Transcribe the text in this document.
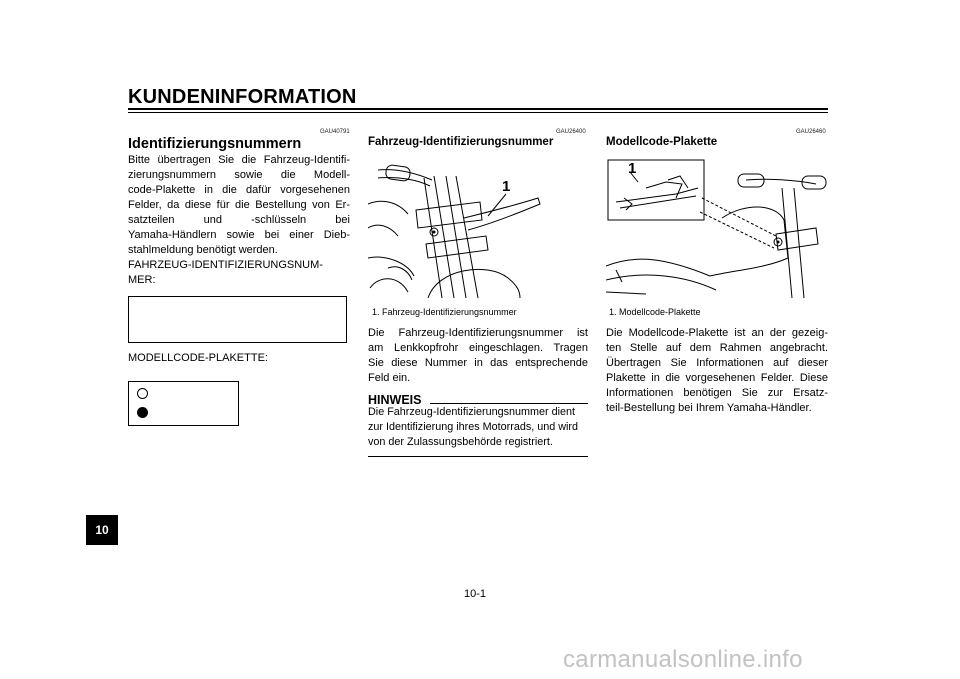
KUNDENINFORMATION
GAU40791
Identifizierungsnummern
Bitte übertragen Sie die Fahrzeug-Identifi-
zierungsnummern sowie die Modell-
code-Plakette in die dafür vorgesehenen
Felder, da diese für die Bestellung von Er-
satzteilen und -schlüsseln bei
Yamaha-Händlern sowie bei einer Dieb-
stahlmeldung benötigt werden.
FAHRZEUG-IDENTIFIZIERUNGSNUM-
MER:
MODELLCODE-PLAKETTE:
GAU26400
Fahrzeug-Identifizierungsnummer
1
1. Fahrzeug-Identifizierungsnummer
Die Fahrzeug-Identifizierungsnummer ist
am Lenkkopfrohr eingeschlagen. Tragen
Sie diese Nummer in das entsprechende
Feld ein.
HINWEIS
Die Fahrzeug-Identifizierungsnummer dient
zur Identifizierung ihres Motorrads, und wird
von der Zulassungsbehörde registriert.
GAU26460
Modellcode-Plakette
1
1. Modellcode-Plakette
Die Modellcode-Plakette ist an der gezeig-
ten Stelle auf dem Rahmen angebracht.
Übertragen Sie Informationen auf dieser
Plakette in die vorgesehenen Felder. Diese
Informationen benötigen Sie zur Ersatz-
teil-Bestellung bei Ihrem Yamaha-Händler.
10
10-1
carmanualsonline.info
